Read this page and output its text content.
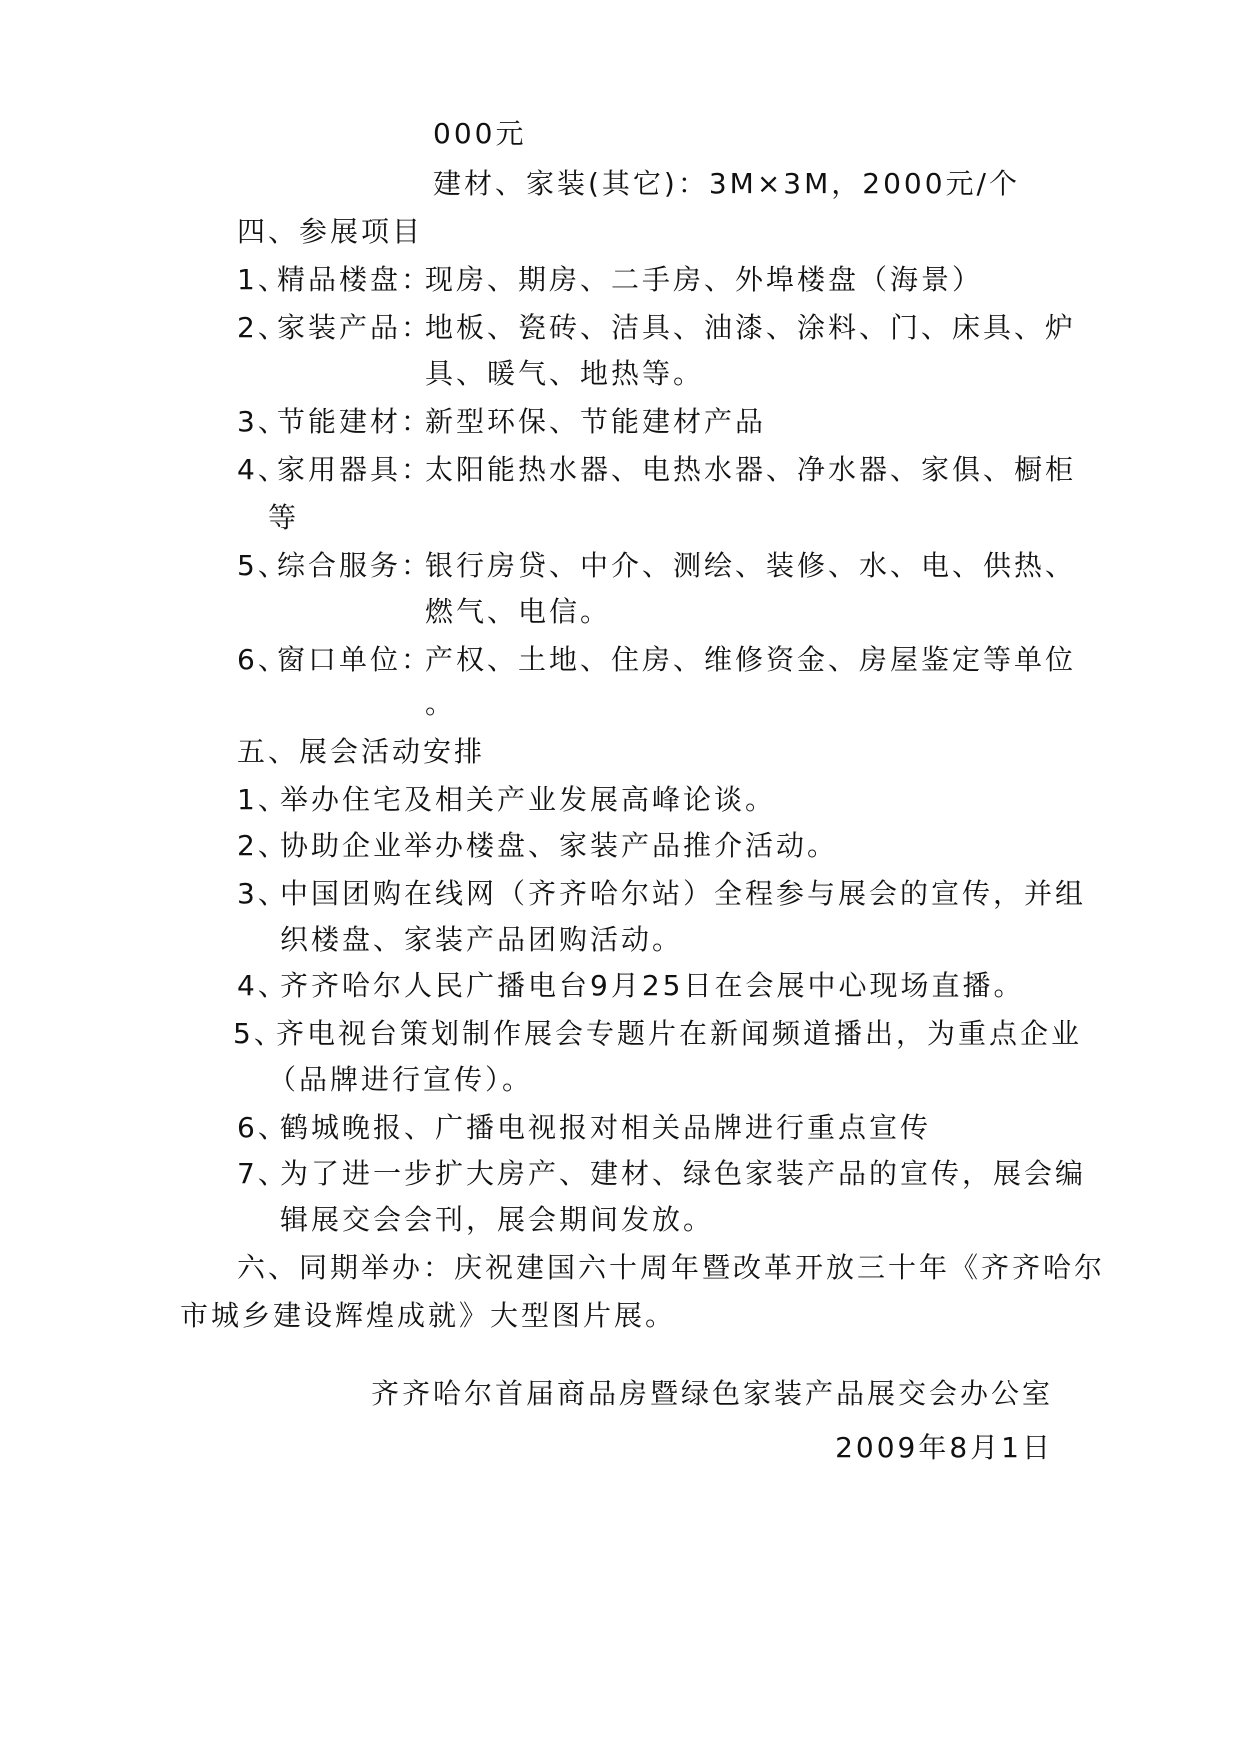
000元
建材、家装(其它)：3M×3M，2000元/个
四、参展项目
1、
精品楼盘：
现房、期房、二手房、外埠楼盘（海景）
2、
家装产品：
地板、瓷砖、洁具、油漆、涂料、门、床具、炉
具、暖气、地热等。
3、
节能建材：
新型环保、节能建材产品
4、
家用器具：
太阳能热水器、电热水器、净水器、家俱、橱柜
等
5、
综合服务：
银行房贷、中介、测绘、装修、水、电、供热、
燃气、电信。
6、
窗口单位：
产权、土地、住房、维修资金、房屋鉴定等单位
。
五、展会活动安排
1、
举办住宅及相关产业发展高峰论谈。
2、
协助企业举办楼盘、家装产品推介活动。
3、
中国团购在线网（齐齐哈尔站）全程参与展会的宣传，并组
织楼盘、家装产品团购活动。
4、
齐齐哈尔人民广播电台9月25日在会展中心现场直播。
5、
齐电视台策划制作展会专题片在新闻频道播出，为重点企业
（品牌进行宣传）。
6、
鹤城晚报、广播电视报对相关品牌进行重点宣传
7、
为了进一步扩大房产、建材、绿色家装产品的宣传，展会编
辑展交会会刊，展会期间发放。
六、同期举办：庆祝建国六十周年暨改革开放三十年《齐齐哈尔
市城乡建设辉煌成就》大型图片展。
齐齐哈尔首届商品房暨绿色家装产品展交会办公室
2009年8月1日
